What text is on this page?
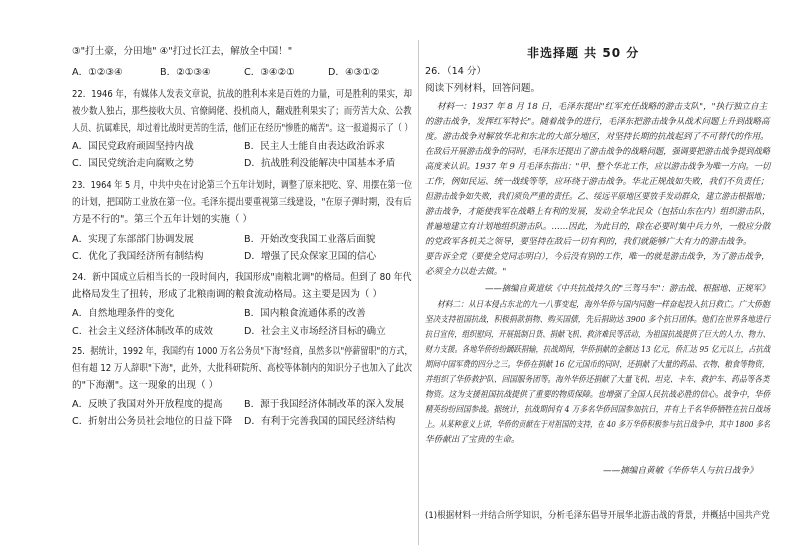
③"打土豪，分田地" ④"打过长江去，解放全中国！"
A．①②③④	B．②①③④	C．③④②①	D．④③①②
22．1946 年，有媒体人发表文章说，抗战的胜利本来是百姓的力量，可是胜利的果实，却
被少数人独占，那些接收大员、官僚阔佬、投机商人，翻戏胜利果实了；而劳苦大众、公教
人员、抗属难民，却过着比战时更苦的生活，他们正在经历"惨胜的痛苦"。这一报道揭示了（ ）
A．国民党政府顽固坚持内战	B．民主人士能自由表达政治诉求
C．国民党统治走向腐败之势	D．抗战胜利没能解决中国基本矛盾
23．1964 年 5 月，中共中央在讨论第三个五年计划时，调整了原来把吃、穿、用摆在第一位
的计划，把国防工业放在第一位。毛泽东提出要重视第三线建设，"在原子弹时期，没有后
方是不行的"。第三个五年计划的实施（ ）
A．实现了东部部门协调发展	B．开始改变我国工业落后面貌
C．优化了我国经济所有制结构	D．增强了民众保家卫国的信心
24．新中国成立后相当长的一段时间内，我国形成"南粮北调"的格局。但到了 80 年代
此格局发生了扭转，形成了北粮南调的粮食流动格局。这主要是因为（ ）
A．自然地理条件的变化	B．国内粮食流通体系的改善
C．社会主义经济体制改革的成效	D．社会主义市场经济目标的确立
25．据统计，1992 年，我国约有 1000 万名公务员"下海"经商，虽然多以"停薪留职"的方式，
但有超 12 万人辞职"下海"，此外，大批科研院所、高校等体制内的知识分子也加入了此次
的"下海潮"。这一现象的出现（ ）
A．反映了我国对外开放程度的提高 B．源于我国经济体制改革的深入发展
C．折射出公务员社会地位的日益下降 D．有利于完善我国的国民经济结构
非选择题 共 50 分
26．（14 分）
阅读下列材料，回答问题。
材料一：1937 年 8 月 18 日，毛泽东提出"红军充任战略的游击支队"，"执行独立自主
的游击战争，发挥红军特长"。随着战争的进行，毛泽东把游击战争从战术问题上升到战略高
度。游击战争对解放华北和东北的大部分地区，对坚持长期的抗战起到了不可替代的作用。
在敌后开展游击战争的同时，毛泽东还提出了游击战争的战略问题，强调要把游击战争提到战略
高度来认识。1937 年 9 月毛泽东指出："甲、整个华北工作，应以游击战争为唯一方向。一切
工作，例如民运、统一战线等等，应环绕于游击战争。华北正规战如失败，我们不负责任；
但游击战争如失败，我们须负严重的责任。乙、绥远平原地区要放手发动群众，建立游击根据地；
游击战争，才能使我军在战略上有利的发展，发动全华北民众（包括山东在内）组织游击队，
普遍地建立有计划地组织游击队。……因此，为此目的，除在必要时集中兵力外，一般应分散
的党政军各机关之领导，要坚持在敌后一切有利的，我们就能够广大有力的游击战争。
要告诉全党（要使全党同志明白），今后没有别的工作，唯一的就是游击战争，为了游击战争，
必须全力以赴去做。"
——摘编自黄道炫《中共抗战持久的"三驾马车"：游击战、根据地、正规军》
材料二：从日本侵占东北的九一八事变起，海外华侨与国内同胞一样奋起投入抗日救亡。广大侨胞
坚决支持祖国抗战，积极捐款捐物、购买国债，先后捐助达 3900 多个抗日团体。他们在世界各地进行
抗日宣传，组织慰问，开展抵制日货、捐献飞机、救济难民等活动，为祖国抗战提供了巨大的人力、物力、
财力支援。各地华侨纷纷踊跃捐输，抗战期间，华侨捐献的金额达 13 亿元，侨汇达 95 亿元以上，占抗战
期间中国军费的四分之三。华侨在捐献 16 亿元国币的同时，还捐献了大量的药品、衣物、粮食等物资，
并组织了华侨救护队、回国服务团等。海外华侨还捐献了大量飞机、坦克、卡车、救护车、药品等各类
物资。这为支援祖国抗战提供了重要的物质保障。也增强了全国人民抗战必胜的信心。战争中，华侨
精英纷纷回国参战。据统计，抗战期间有 4 万多名华侨回国参加抗日，并有上千名华侨牺牲在抗日战场
上。从某种意义上讲，华侨的贡献在于对祖国的支持，在 40 多万华侨积极参与抗日战争中，其中 1800 多名
华侨献出了宝贵的生命。
——摘编自黄敏《华侨华人与抗日战争》
(1)根据材料一并结合所学知识，分析毛泽东倡导开展华北游击战的背景，并概括中国共产党
